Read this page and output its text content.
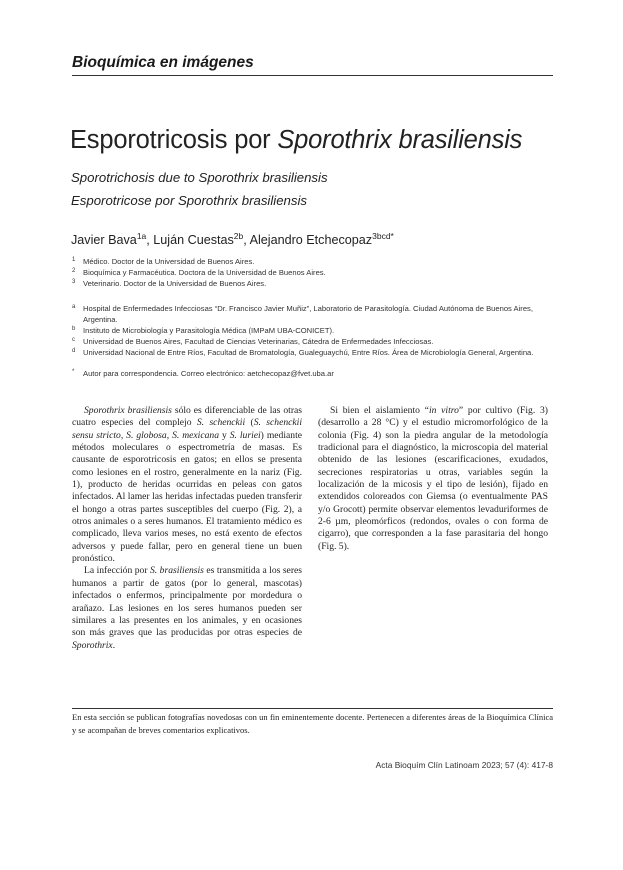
Bioquímica en imágenes
Esporotricosis por Sporothrix brasiliensis
Sporotrichosis due to Sporothrix brasiliensis
Esporotricose por Sporothrix brasiliensis
Javier Bava$^{1a}$, Luján Cuestas$^{2b}$, Alejandro Etchecopaz$^{3bcd*}$
1 Médico. Doctor de la Universidad de Buenos Aires.
2 Bioquímica y Farmacéutica. Doctora de la Universidad de Buenos Aires.
3 Veterinario. Doctor de la Universidad de Buenos Aires.
a Hospital de Enfermedades Infecciosas “Dr. Francisco Javier Muñiz”, Laboratorio de Parasitología. Ciudad Autónoma de Buenos Aires, Argentina.
b Instituto de Microbiología y Parasitología Médica (IMPaM UBA-CONICET).
c Universidad de Buenos Aires, Facultad de Ciencias Veterinarias, Cátedra de Enfermedades Infecciosas.
d Universidad Nacional de Entre Ríos, Facultad de Bromatología, Gualeguaychú, Entre Ríos. Área de Microbiología General, Argentina.
* Autor para correspondencia. Correo electrónico: aetchecopaz@fvet.uba.ar

Sporothrix brasiliensis sólo es diferenciable de las otras cuatro especies del complejo S. schenckii (S. schenckii sensu stricto, S. globosa, S. mexicana y S. luriei) mediante métodos moleculares o espectrometría de masas. Es causante de esporotricosis en gatos; en ellos se presenta como lesiones en el rostro, generalmente en la nariz (Fig. 1), producto de heridas ocurridas en peleas con gatos infectados. Al lamer las heridas infectadas pueden transferir el hongo a otras partes susceptibles del cuerpo (Fig. 2), a otros animales o a seres humanos. El tratamiento médico es complicado, lleva varios meses, no está exento de efectos adversos y puede fallar, pero en general tiene un buen pronóstico.

La infección por S. brasiliensis es transmitida a los seres humanos a partir de gatos (por lo general, mascotas) infectados o enfermos, principalmente por mordedura o arañazo. Las lesiones en los seres humanos pueden ser similares a las presentes en los animales, y en ocasiones son más graves que las producidas por otras especies de Sporothrix.

Si bien el aislamiento “in vitro” por cultivo (Fig. 3) (desarrollo a 28 °C) y el estudio micromorfológico de la colonia (Fig. 4) son la piedra angular de la metodología tradicional para el diagnóstico, la microscopia del material obtenido de las lesiones (escarificaciones, exudados, secreciones respiratorias u otras, variables según la localización de la micosis y el tipo de lesión), fijado en extendidos coloreados con Giemsa (o eventualmente PAS y/o Grocott) permite observar elementos levaduriformes de 2-6 µm, pleomórficos (redondos, ovales o con forma de cigarro), que corresponden a la fase parasitaria del hongo (Fig. 5).

En esta sección se publican fotografías novedosas con un fin eminentemente docente. Pertenecen a diferentes áreas de la Bioquímica Clínica y se acompañan de breves comentarios explicativos.
Acta Bioquím Clín Latinoam 2023; 57 (4): 417-8
